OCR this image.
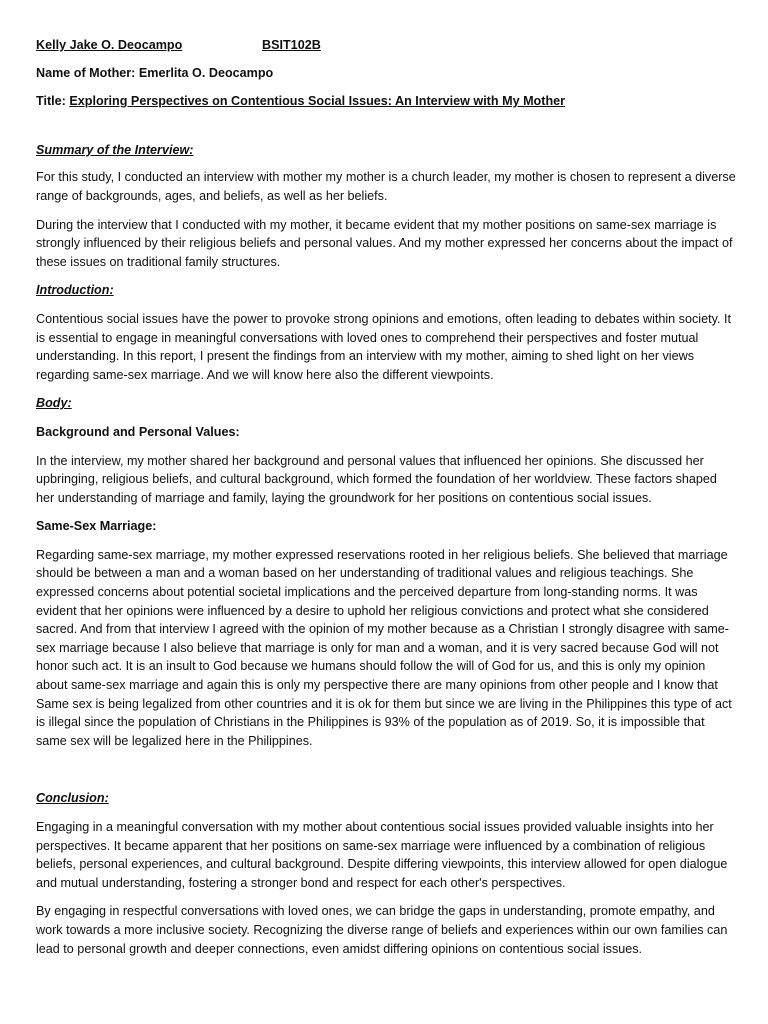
Kelly Jake O. Deocampo	BSIT102B

Name of Mother: Emerlita O. Deocampo

Title: Exploring Perspectives on Contentious Social Issues: An Interview with My Mother

Summary of the Interview:

For this study, I conducted an interview with mother my mother is a church leader, my mother is chosen to represent a diverse range of backgrounds, ages, and beliefs, as well as her beliefs.

During the interview that I conducted with my mother, it became evident that my mother positions on same-sex marriage is strongly influenced by their religious beliefs and personal values. And my mother expressed her concerns about the impact of these issues on traditional family structures.

Introduction:

Contentious social issues have the power to provoke strong opinions and emotions, often leading to debates within society. It is essential to engage in meaningful conversations with loved ones to comprehend their perspectives and foster mutual understanding. In this report, I present the findings from an interview with my mother, aiming to shed light on her views regarding same-sex marriage. And we will know here also the different viewpoints.

Body:

Background and Personal Values:

In the interview, my mother shared her background and personal values that influenced her opinions. She discussed her upbringing, religious beliefs, and cultural background, which formed the foundation of her worldview. These factors shaped her understanding of marriage and family, laying the groundwork for her positions on contentious social issues.

Same-Sex Marriage:

Regarding same-sex marriage, my mother expressed reservations rooted in her religious beliefs. She believed that marriage should be between a man and a woman based on her understanding of traditional values and religious teachings. She expressed concerns about potential societal implications and the perceived departure from long-standing norms. It was evident that her opinions were influenced by a desire to uphold her religious convictions and protect what she considered sacred. And from that interview I agreed with the opinion of my mother because as a Christian I strongly disagree with same-sex marriage because I also believe that marriage is only for man and a woman, and it is very sacred because God will not honor such act. It is an insult to God because we humans should follow the will of God for us, and this is only my opinion about same-sex marriage and again this is only my perspective there are many opinions from other people and I know that Same sex is being legalized from other countries and it is ok for them but since we are living in the Philippines this type of act is illegal since the population of Christians in the Philippines is 93% of the population as of 2019. So, it is impossible that same sex will be legalized here in the Philippines.

Conclusion:

Engaging in a meaningful conversation with my mother about contentious social issues provided valuable insights into her perspectives. It became apparent that her positions on same-sex marriage were influenced by a combination of religious beliefs, personal experiences, and cultural background. Despite differing viewpoints, this interview allowed for open dialogue and mutual understanding, fostering a stronger bond and respect for each other's perspectives.

By engaging in respectful conversations with loved ones, we can bridge the gaps in understanding, promote empathy, and work towards a more inclusive society. Recognizing the diverse range of beliefs and experiences within our own families can lead to personal growth and deeper connections, even amidst differing opinions on contentious social issues.
